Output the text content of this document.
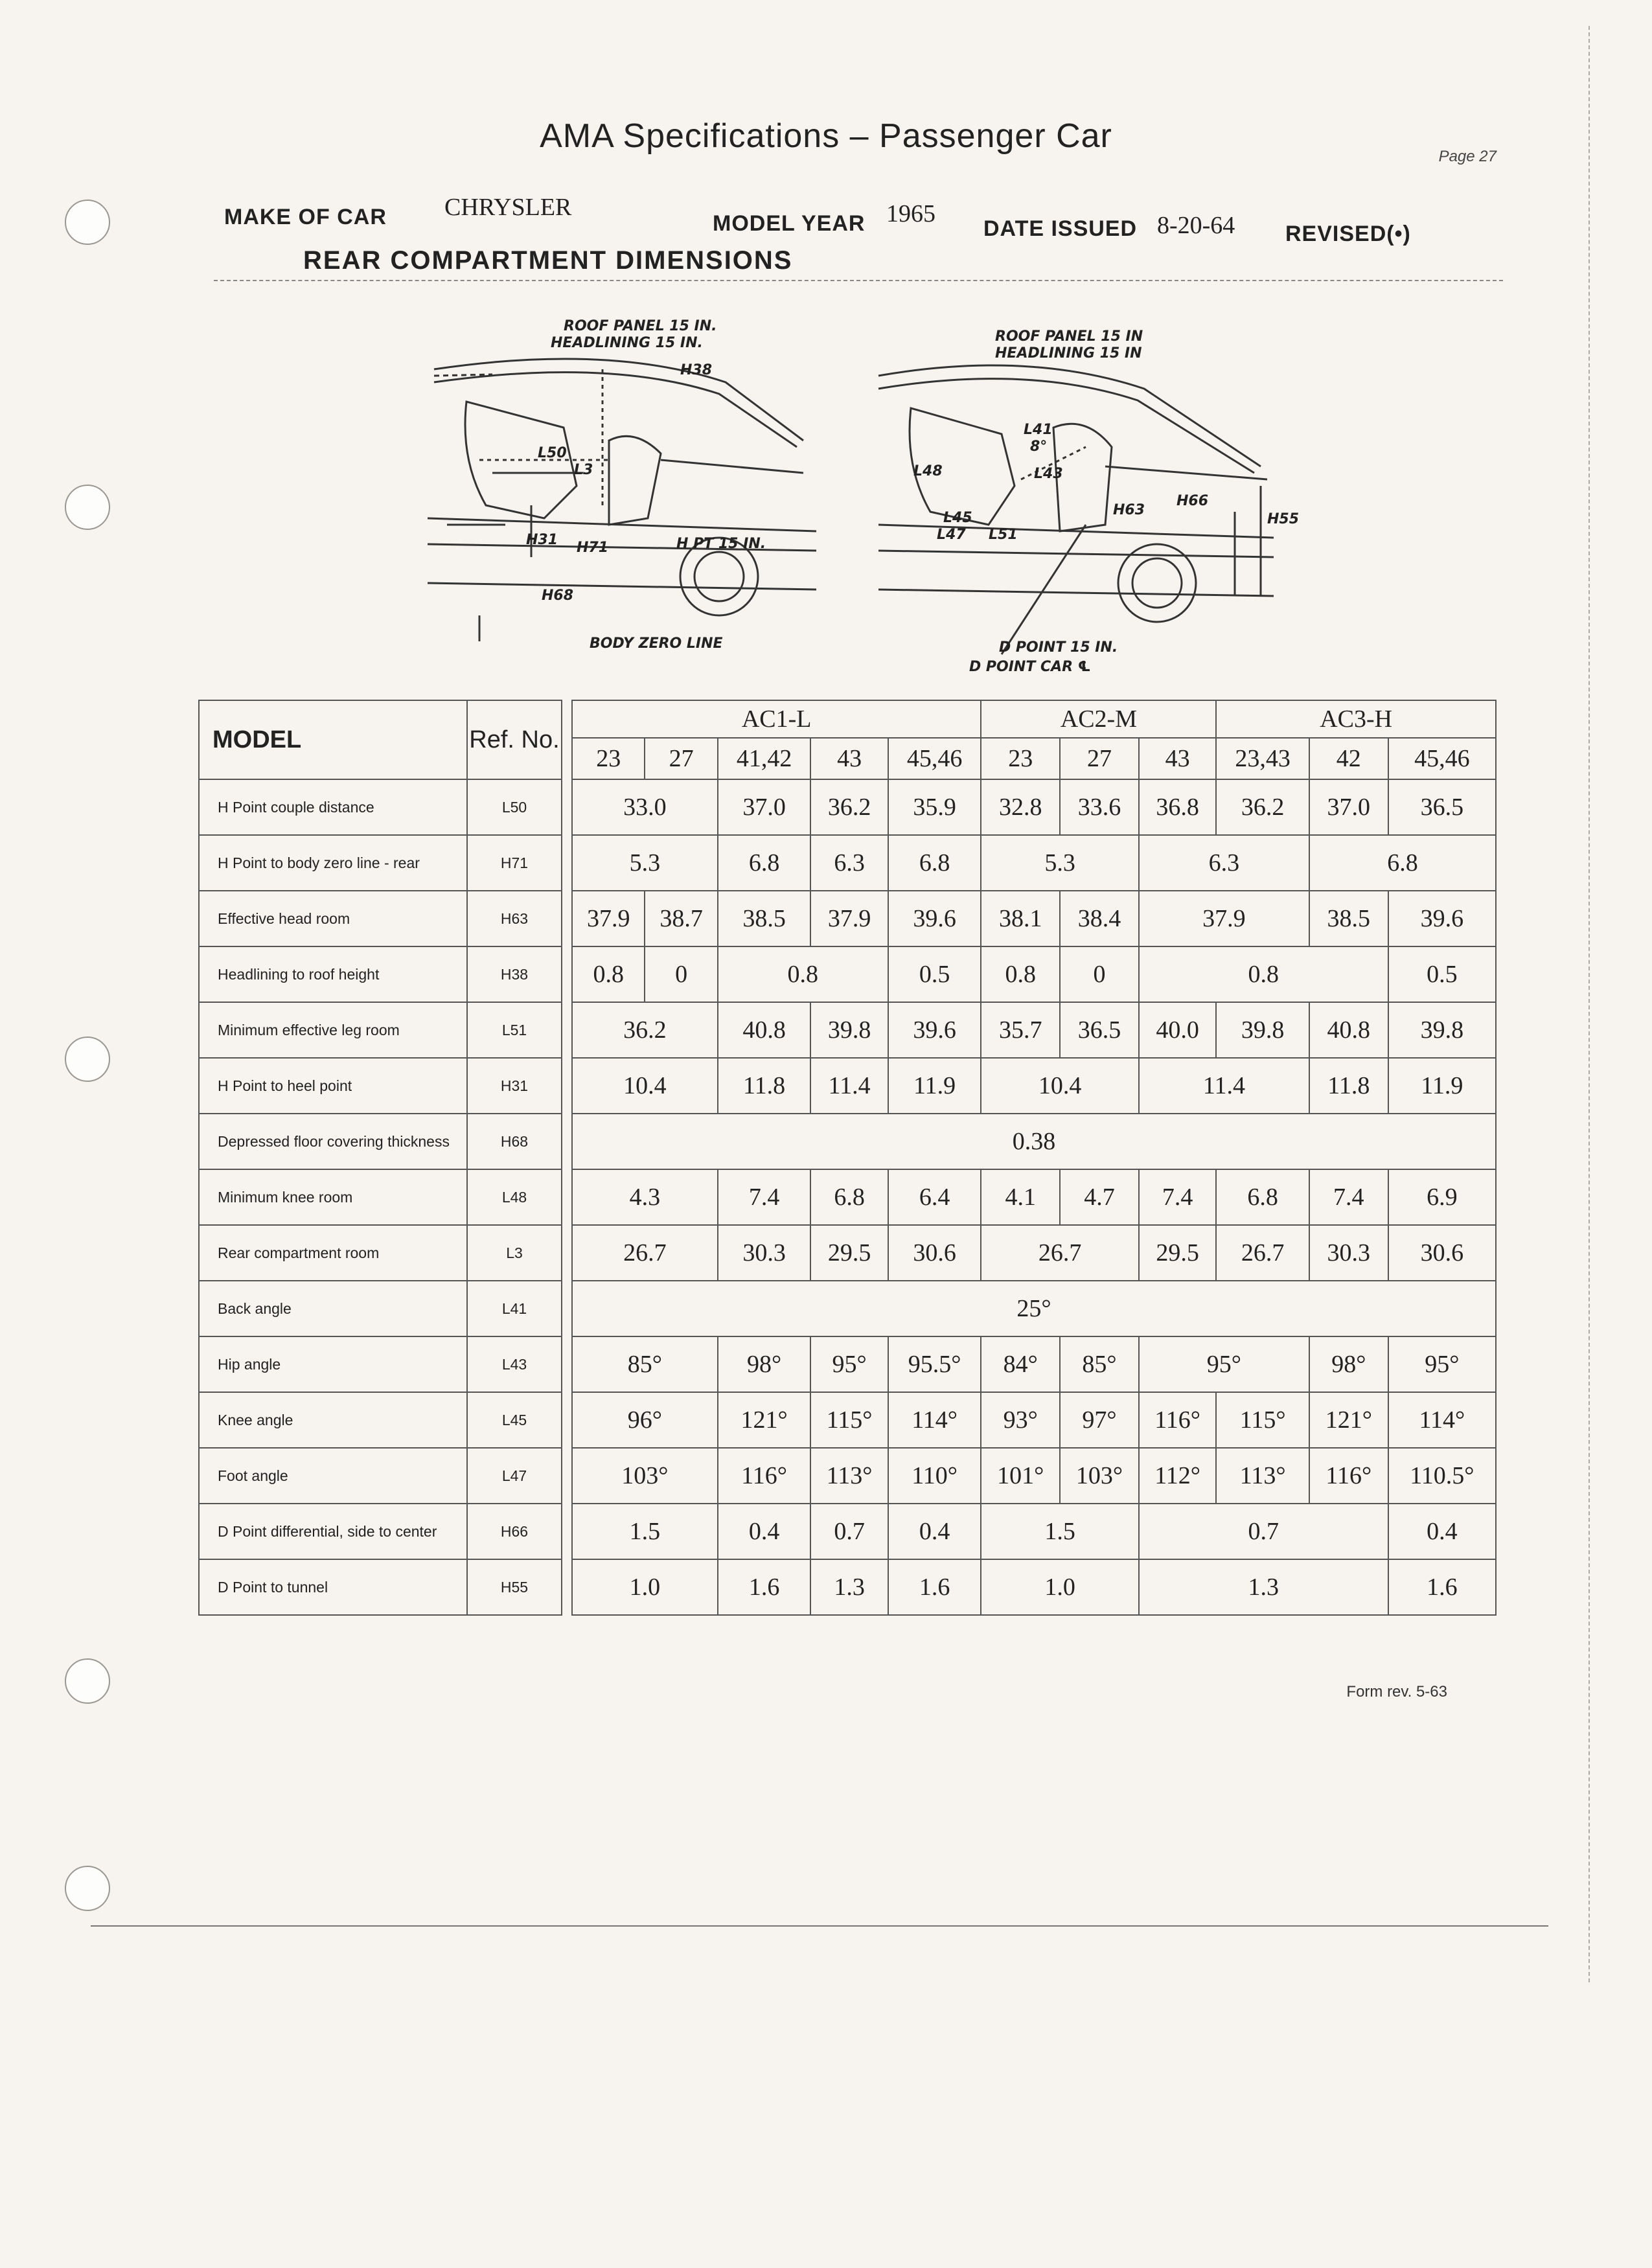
AMA Specifications – Passenger Car
Page 27
MAKE OF CAR CHRYSLER
MODEL YEAR 1965
DATE ISSUED 8-20-64 REVISED(•)
REAR COMPARTMENT DIMENSIONS
ROOF PANEL 15 IN.
HEADLINING 15 IN.
H38
L50
L3
H31 H71	H PT 15 IN.
H68
BODY ZERO LINE
ROOF PANEL 15 IN
HEADLINING 15 IN
L41
8°
L48	L43
H63
H66
H55
L45
L47 L51
D POINT 15 IN.
D POINT CAR ℄
MODEL	Ref. No.		AC1-L					AC2-M			AC3-H		
			23	27	41,42	43	45,46	23	27	43	23,43	42	45,46
H Point couple distance	L50		33.0		37.0	36.2	35.9	32.8	33.6	36.8	36.2	37.0	36.5
H Point to body zero line - rear	H71		5.3		6.8	6.3	6.8	5.3		6.3		6.8	
Effective head room	H63		37.9	38.7	38.5	37.9	39.6	38.1	38.4	37.9		38.5	39.6
Headlining to roof height	H38		0.8	0	0.8		0.5	0.8	0	0.8			0.5
Minimum effective leg room	L51		36.2		40.8	39.8	39.6	35.7	36.5	40.0	39.8	40.8	39.8
H Point to heel point	H31		10.4		11.8	11.4	11.9	10.4		11.4		11.8	11.9
Depressed floor covering thickness	H68		0.38										
Minimum knee room	L48		4.3		7.4	6.8	6.4	4.1	4.7	7.4	6.8	7.4	6.9
Rear compartment room	L3		26.7		30.3	29.5	30.6	26.7		29.5	26.7	30.3	30.6
Back angle	L41		25°										
Hip angle	L43		85°		98°	95°	95.5°	84°	85°	95°		98°	95°
Knee angle	L45		96°		121°	115°	114°	93°	97°	116°	115°	121°	114°
Foot angle	L47		103°		116°	113°	110°	101°	103°	112°	113°	116°	110.5°
D Point differential, side to center	H66		1.5		0.4	0.7	0.4	1.5		0.7			0.4
D Point to tunnel	H55		1.0		1.6	1.3	1.6	1.0		1.3			1.6
Form rev. 5-63
